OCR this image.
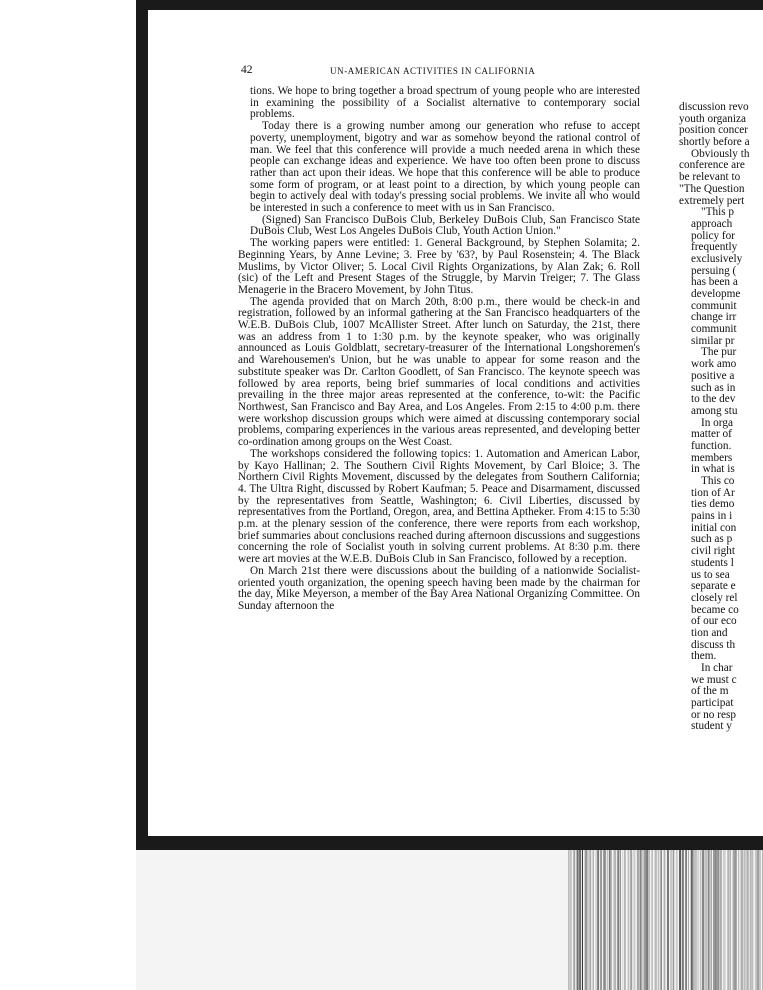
42	UN-AMERICAN ACTIVITIES IN CALIFORNIA

tions. We hope to bring together a broad spectrum of young people who are interested in examining the possibility of a Socialist alternative to contemporary social problems.

Today there is a growing number among our generation who refuse to accept poverty, unemployment, bigotry and war as somehow beyond the rational control of man. We feel that this conference will provide a much needed arena in which these people can exchange ideas and experience. We have too often been prone to discuss rather than act upon their ideas. We hope that this conference will be able to produce some form of program, or at least point to a direction, by which young people can begin to actively deal with today's pressing social problems. We invite all who would be interested in such a conference to meet with us in San Francisco.

(Signed) San Francisco DuBois Club, Berkeley DuBois Club, San Francisco State DuBois Club, West Los Angeles DuBois Club, Youth Action Union."

The working papers were entitled: 1. General Background, by Stephen Solamita; 2. Beginning Years, by Anne Levine; 3. Free by '63?, by Paul Rosenstein; 4. The Black Muslims, by Victor Oliver; 5. Local Civil Rights Organizations, by Alan Zak; 6. Roll (sic) of the Left and Present Stages of the Struggle, by Marvin Treiger; 7. The Glass Menagerie in the Bracero Movement, by John Titus.

The agenda provided that on March 20th, 8:00 p.m., there would be check-in and registration, followed by an informal gathering at the San Francisco headquarters of the W.E.B. DuBois Club, 1007 McAllister Street. After lunch on Saturday, the 21st, there was an address from 1 to 1:30 p.m. by the keynote speaker, who was originally announced as Louis Goldblatt, secretary-treasurer of the International Longshoremen's and Warehousemen's Union, but he was unable to appear for some reason and the substitute speaker was Dr. Carlton Goodlett, of San Francisco. The keynote speech was followed by area reports, being brief summaries of local conditions and activities prevailing in the three major areas represented at the conference, to-wit: the Pacific Northwest, San Francisco and Bay Area, and Los Angeles. From 2:15 to 4:00 p.m. there were workshop discussion groups which were aimed at discussing contemporary social problems, comparing experiences in the various areas represented, and developing better co-ordination among groups on the West Coast.

The workshops considered the following topics: 1. Automation and American Labor, by Kayo Hallinan; 2. The Southern Civil Rights Movement, by Carl Bloice; 3. The Northern Civil Rights Movement, discussed by the delegates from Southern California; 4. The Ultra Right, discussed by Robert Kaufman; 5. Peace and Disarmament, discussed by the representatives from Seattle, Washington; 6. Civil Liberties, discussed by representatives from the Portland, Oregon, area, and Bettina Aptheker. From 4:15 to 5:30 p.m. at the plenary session of the conference, there were reports from each workshop, brief summaries about conclusions reached during afternoon discussions and suggestions concerning the role of Socialist youth in solving current problems. At 8:30 p.m. there were art movies at the W.E.B. DuBois Club in San Francisco, followed by a reception.

On March 21st there were discussions about the building of a nationwide Socialist-oriented youth organization, the opening speech having been made by the chairman for the day, Mike Meyerson, a member of the Bay Area National Organizing Committee. On Sunday afternoon the

discussion revo
youth organiza
position concer
shortly before a
Obviously th
conference are
be relevant to
"The Question
extremely pert
"This p
approach
policy for
frequently
exclusively
persuing (
has been a
developme
communit
change irr
communit
similar pr
The pur
work amo
positive a
such as in
to the dev
among stu
In orga
matter of
function.
members
in what is
This co
tion of Ar
ties demo
pains in i
initial con
such as p
civil right
students l
us to sea
separate e
closely rel
became co
of our eco
tion and
discuss th
them.
In char
we must c
of the m
participat
or no resp
student y
